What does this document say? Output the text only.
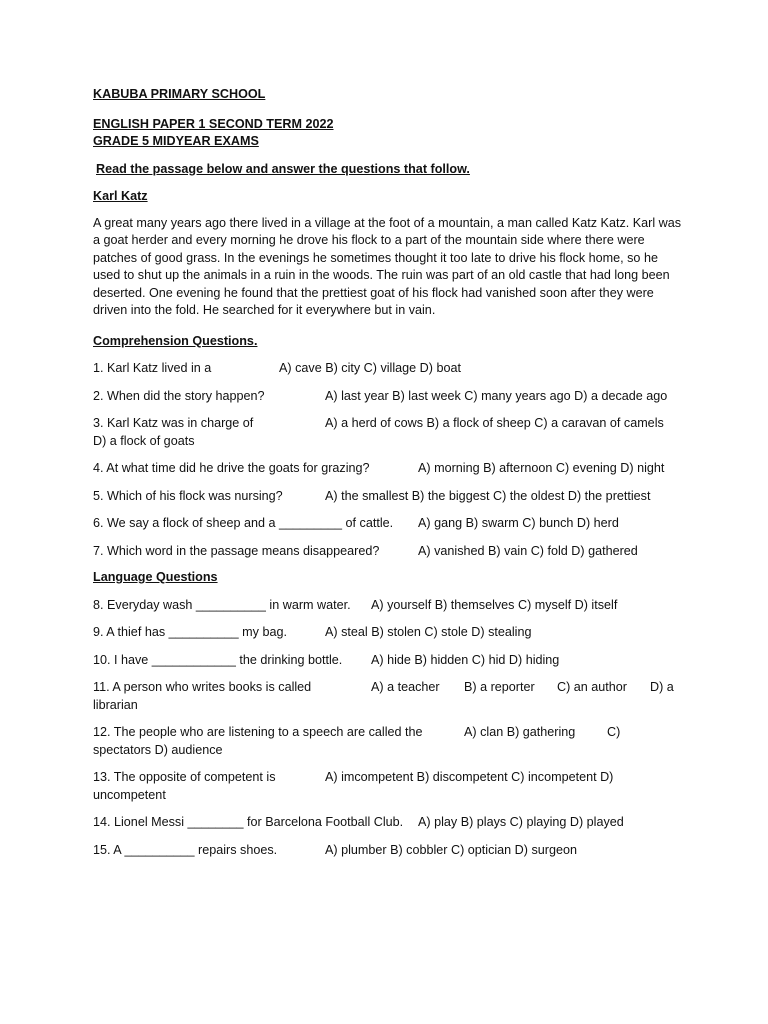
KABUBA PRIMARY SCHOOL

ENGLISH PAPER 1 SECOND TERM 2022

GRADE 5 MIDYEAR EXAMS

Read the passage below and answer the questions that follow.

Karl Katz

A great many years ago there lived in a village at the foot of a mountain, a man called Katz Katz. Karl was a goat herder and every morning he drove his flock to a part of the mountain side where there were patches of good grass. In the evenings he sometimes thought it too late to drive his flock home, so he used to shut up the animals in a ruin in the woods. The ruin was part of an old castle that had long been deserted. One evening he found that the prettiest goat of his flock had vanished soon after they were driven into the fold. He searched for it everywhere but in vain.

Comprehension Questions.

1. Karl Katz lived in a	A) cave B) city C) village D) boat
2. When did the story happen?	A) last year B) last week C) many years ago D) a decade ago
3. Karl Katz was in charge of	A) a herd of cows B) a flock of sheep C) a caravan of camels
D) a flock of goats
4. At what time did he drive the goats for grazing?	A) morning B) afternoon C) evening D) night
5. Which of his flock was nursing?	A) the smallest B) the biggest C) the oldest D) the prettiest
6. We say a flock of sheep and a _________ of cattle. A) gang B) swarm C) bunch D) herd
7. Which word in the passage means disappeared?	A) vanished B) vain C) fold D) gathered

Language Questions

8. Everyday wash __________ in warm water. A) yourself B) themselves C) myself D) itself
9. A thief has __________ my bag.	A) steal B) stolen C) stole D) stealing
10. I have ____________ the drinking bottle. A) hide B) hidden C) hid D) hiding
11. A person who writes books is called	A) a teacher B) a reporter C) an author D) a
librarian
12. The people who are listening to a speech are called the	A) clan B) gathering	C)
spectators D) audience
13. The opposite of competent is	A) imcompetent B) discompetent C) incompetent D)
uncompetent
14. Lionel Messi ________ for Barcelona Football Club. A) play B) plays C) playing D) played
15. A __________ repairs shoes.	A) plumber B) cobbler C) optician D) surgeon
